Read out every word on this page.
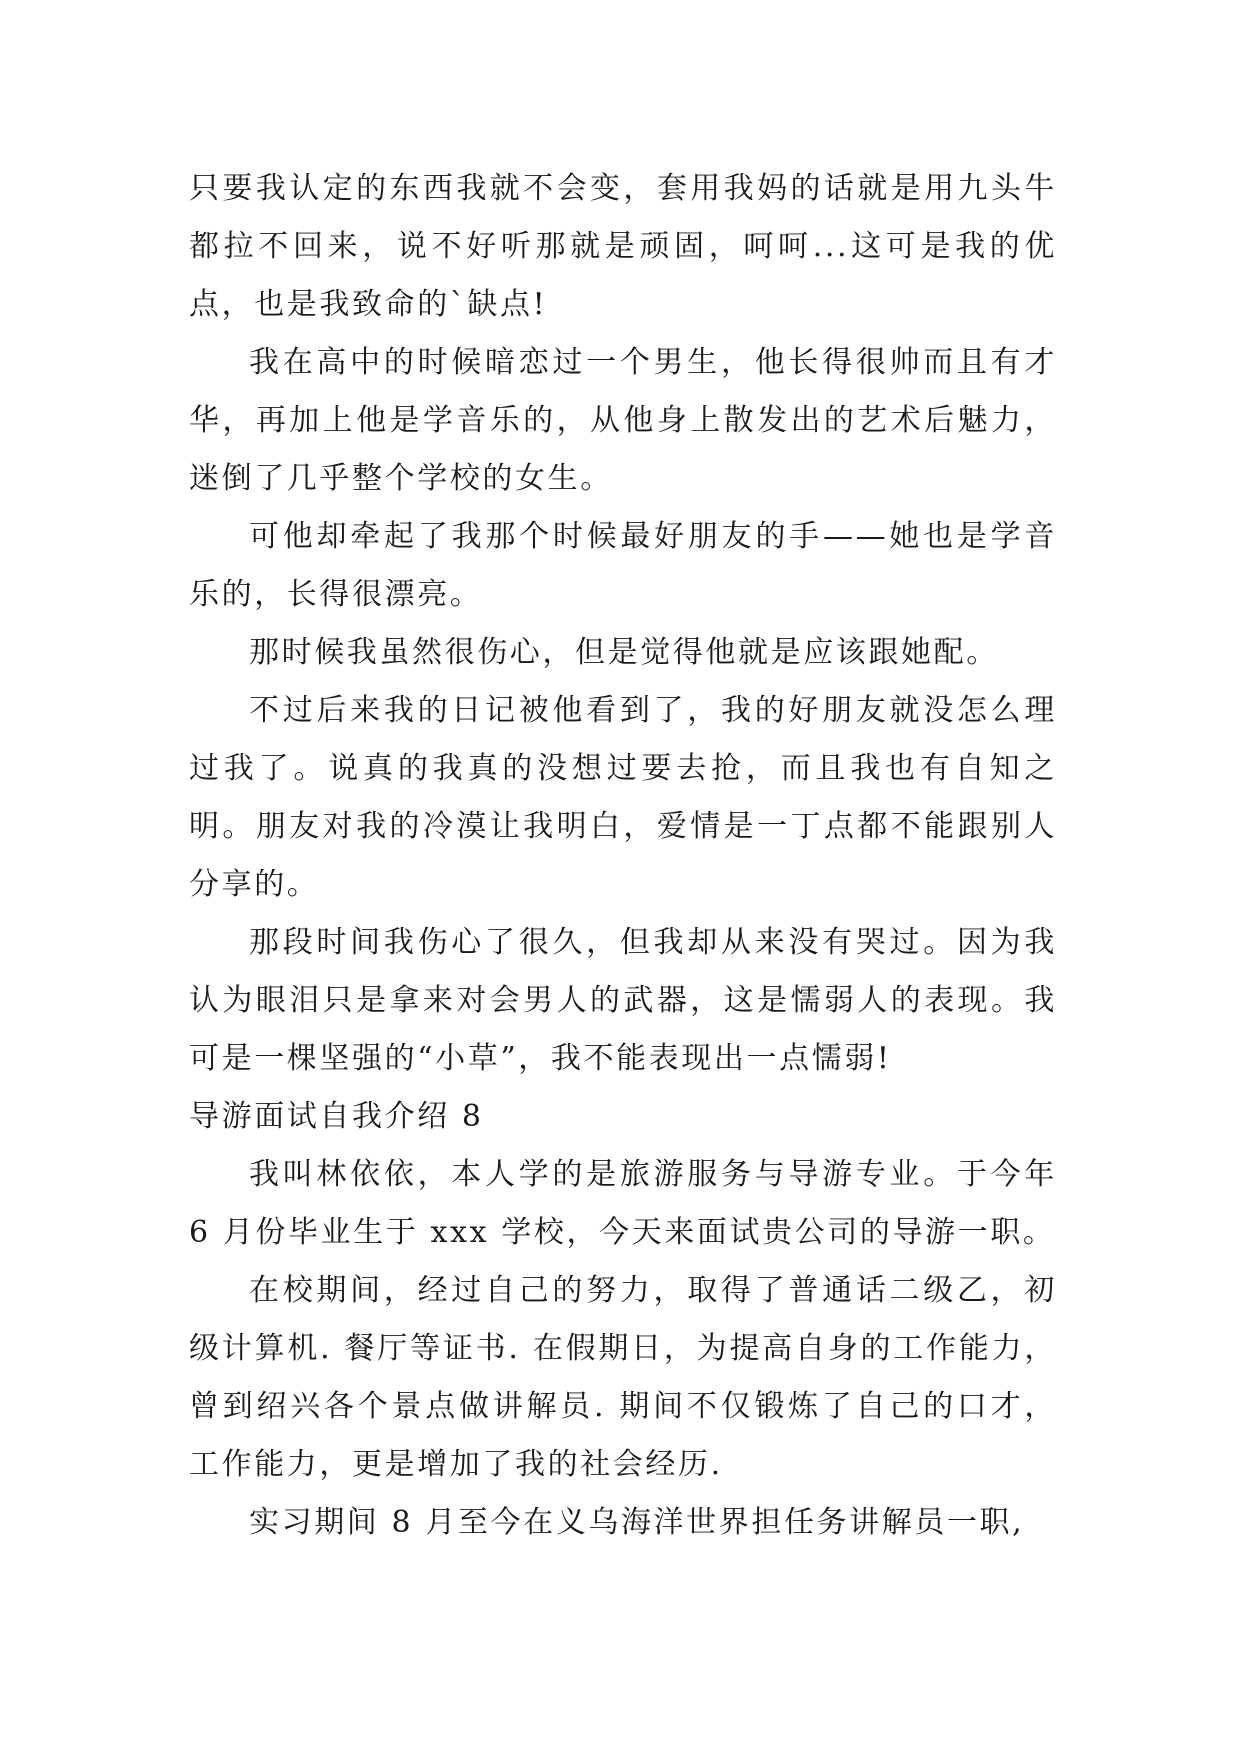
只要我认定的东西我就不会变，套用我妈的话就是用九头牛都拉不回来，说不好听那就是顽固，呵呵...这可是我的优点，也是我致命的`缺点!

我在高中的时候暗恋过一个男生，他长得很帅而且有才华，再加上他是学音乐的，从他身上散发出的艺术后魅力，迷倒了几乎整个学校的女生。

可他却牵起了我那个时候最好朋友的手——她也是学音乐的，长得很漂亮。

那时候我虽然很伤心，但是觉得他就是应该跟她配。

不过后来我的日记被他看到了，我的好朋友就没怎么理过我了。说真的我真的没想过要去抢，而且我也有自知之明。朋友对我的冷漠让我明白，爱情是一丁点都不能跟别人分享的。

那段时间我伤心了很久，但我却从来没有哭过。因为我认为眼泪只是拿来对会男人的武器，这是懦弱人的表现。我可是一棵坚强的“小草”，我不能表现出一点懦弱!

导游面试自我介绍 8

我叫林依依，本人学的是旅游服务与导游专业。于今年 6 月份毕业生于 xxx 学校，今天来面试贵公司的导游一职。

在校期间，经过自己的努力，取得了普通话二级乙，初级计算机. 餐厅等证书. 在假期日，为提高自身的工作能力，曾到绍兴各个景点做讲解员. 期间不仅锻炼了自己的口才，工作能力，更是增加了我的社会经历.

实习期间 8 月至今在义乌海洋世界担任务讲解员一职,
